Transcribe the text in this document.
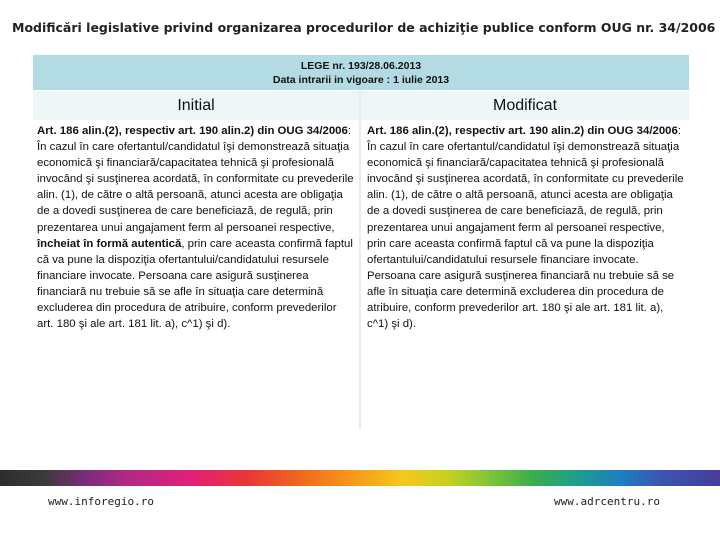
Modificări legislative privind organizarea procedurilor de achiziţie publice conform OUG nr. 34/2006
LEGE nr. 193/28.06.2013
Data intrarii in vigoare : 1 iulie 2013
Initial	Modificat
Art. 186 alin.(2), respectiv art. 190 alin.2) din OUG 34/2006:
În cazul în care ofertantul/candidatul îşi demonstrează situaţia economică şi financiară/capacitatea tehnică şi profesională invocând şi susţinerea acordată, în conformitate cu prevederile alin. (1), de către o altă persoană, atunci acesta are obligaţia de a dovedi susţinerea de care beneficiază, de regulă, prin prezentarea unui angajament ferm al persoanei respective, încheiat în formă autentică, prin care aceasta confirmă faptul că va pune la dispoziţia ofertantului/candidatului resursele financiare invocate. Persoana care asigură susţinerea financiară nu trebuie să se afle în situaţia care determină excluderea din procedura de atribuire, conform prevederilor art. 180 şi ale art. 181 lit. a), c^1) şi d).
Art. 186 alin.(2), respectiv art. 190 alin.2) din OUG 34/2006:
În cazul în care ofertantul/candidatul îşi demonstrează situaţia economică şi financiară/capacitatea tehnică şi profesională invocând şi susţinerea acordată, în conformitate cu prevederile alin. (1), de către o altă persoană, atunci acesta are obligaţia de a dovedi susţinerea de care beneficiază, de regulă, prin prezentarea unui angajament ferm al persoanei respective, prin care aceasta confirmă faptul că va pune la dispoziţia ofertantului/candidatului resursele financiare invocate. Persoana care asigură susţinerea financiară nu trebuie să se afle în situaţia care determină excluderea din procedura de atribuire, conform prevederilor art. 180 şi ale art. 181 lit. a), c^1) şi d).
www.inforegio.ro	www.adrcentru.ro
